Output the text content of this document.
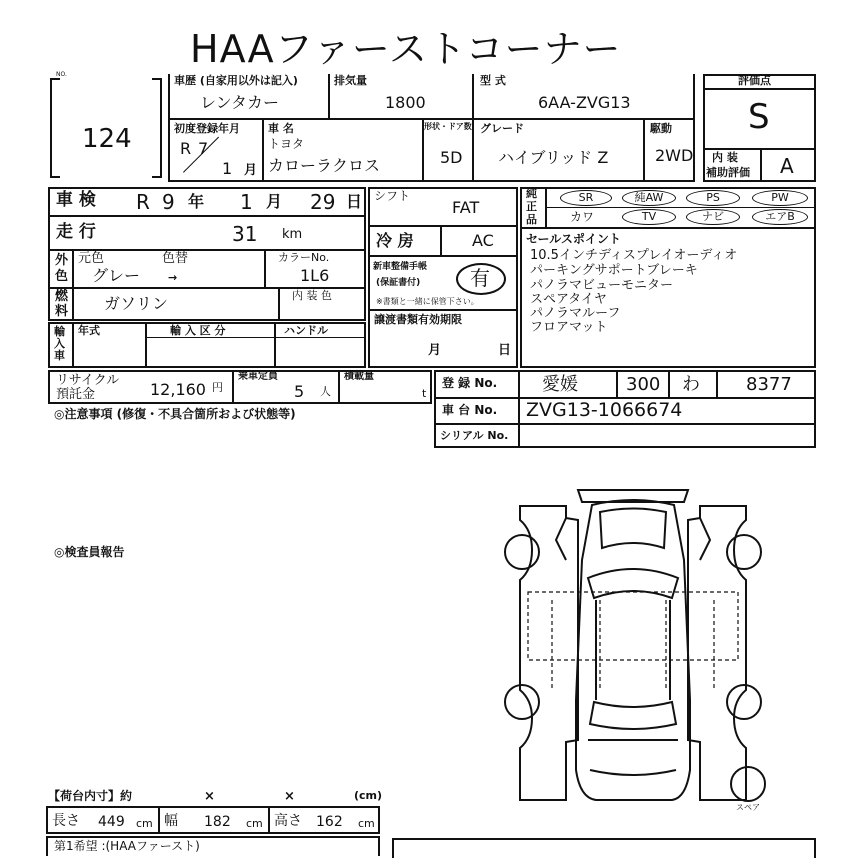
HAAファーストコーナー
NO.
124
車歴 (自家用以外は記入)
レンタカー
排気量
1800
型 式
6AA-ZVG13
初度登録年月
R 7
1 月
車 名
トヨタ
カローラクロス
形状・ドア数
5D
グレード
ハイブリッド Z
駆動
2WD
評価点
S
内 装
補助評価 A
車 検 R 9 年 1 月 29 日
走 行	31 km
外
色
元色	色替
グレー	→
カラーNo.
1L6
燃
料 ガソリン	内 装 色
輸入車
年式	輸 入 区 分	ハンドル
シフト
FAT
冷 房	AC
新車整備手帳
(保証書付) 有
※書類と一緒に保管下さい。
譲渡書類有効期限
月	日
純
正
品
SR	純AW	PS	PW
カワ	TV	ナビ	エアB
セールスポイント
10.5インチディスプレイオーディオ
パーキングサポートブレーキ
パノラマビューモニター
スペアタイヤ
パノラマルーフ
フロアマット
リサイクル
預託金	12,160 円
乗車定員
5 人
積載量
t
登 録 No. 愛媛	300 わ	8377
車 台 No. ZVG13-1066674
シリアル No.
◎注意事項 (修復・不具合箇所および状態等)
◎検査員報告
スペア
【荷台内寸】約	×	×	(cm)
長さ 449 cm 幅 182 cm 高さ 162 cm
第1希望 :(HAAファースト)
